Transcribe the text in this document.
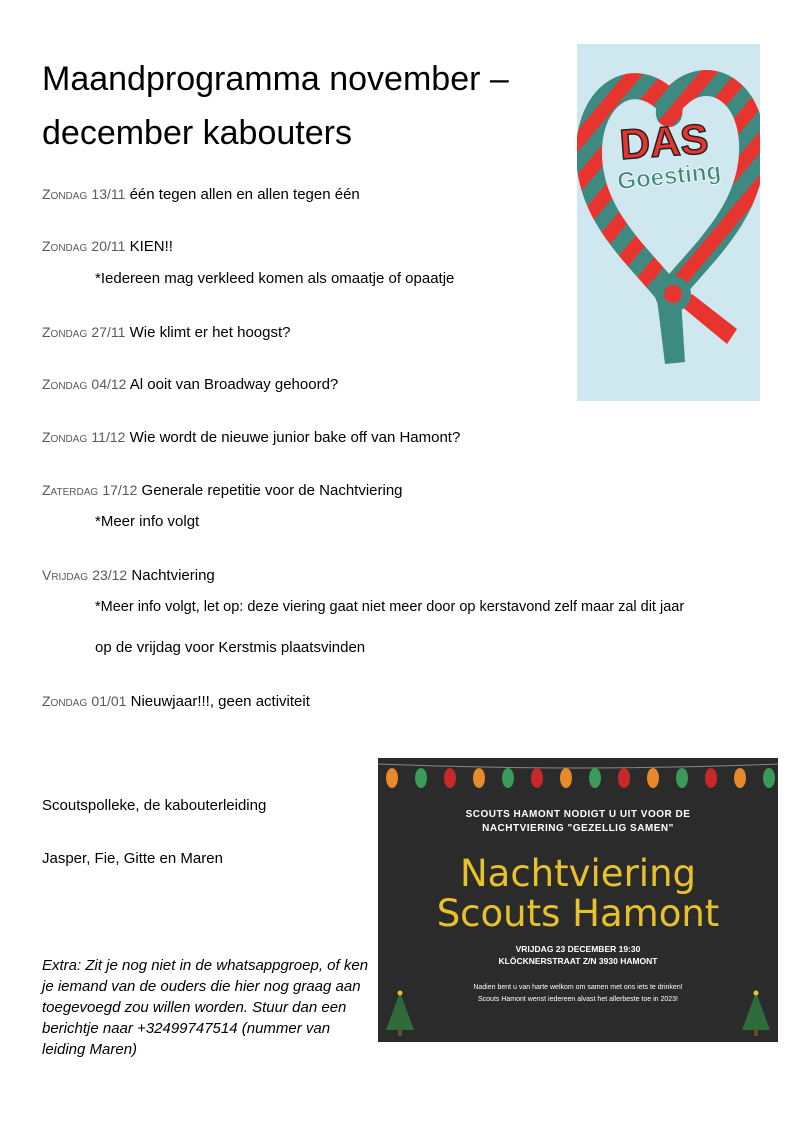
Maandprogramma november – december kabouters
Zondag 13/11 één tegen allen en allen tegen één
Zondag 20/11 KIEN!!
*Iedereen mag verkleed komen als omaatje of opaatje
Zondag 27/11 Wie klimt er het hoogst?
Zondag 04/12 Al ooit van Broadway gehoord?
Zondag 11/12 Wie wordt de nieuwe junior bake off van Hamont?
Zaterdag 17/12 Generale repetitie voor de Nachtviering
*Meer info volgt
Vrijdag 23/12 Nachtviering
*Meer info volgt, let op: deze viering gaat niet meer door op kerstavond zelf maar zal dit jaar
op de vrijdag voor Kerstmis plaatsvinden
Zondag 01/01 Nieuwjaar!!!, geen activiteit
Scoutspolleke, de kabouterleiding
Jasper, Fie, Gitte en Maren
Extra: Zit je nog niet in de whatsappgroep, of ken je iemand van de ouders die hier nog graag aan toegevoegd zou willen worden. Stuur dan een berichtje naar +32499747514 (nummer van leiding Maren)
DAS
Goesting
SCOUTS HAMONT NODIGT U UIT VOOR DE
NACHTVIERING "GEZELLIG SAMEN"
Nachtviering
Scouts Hamont
VRIJDAG 23 DECEMBER 19:30
KLÖCKNERSTRAAT Z/N 3930 HAMONT
Nadien bent u van harte welkom om samen met ons iets te drinken!
Scouts Hamont wenst iedereen alvast het allerbeste toe in 2023!
